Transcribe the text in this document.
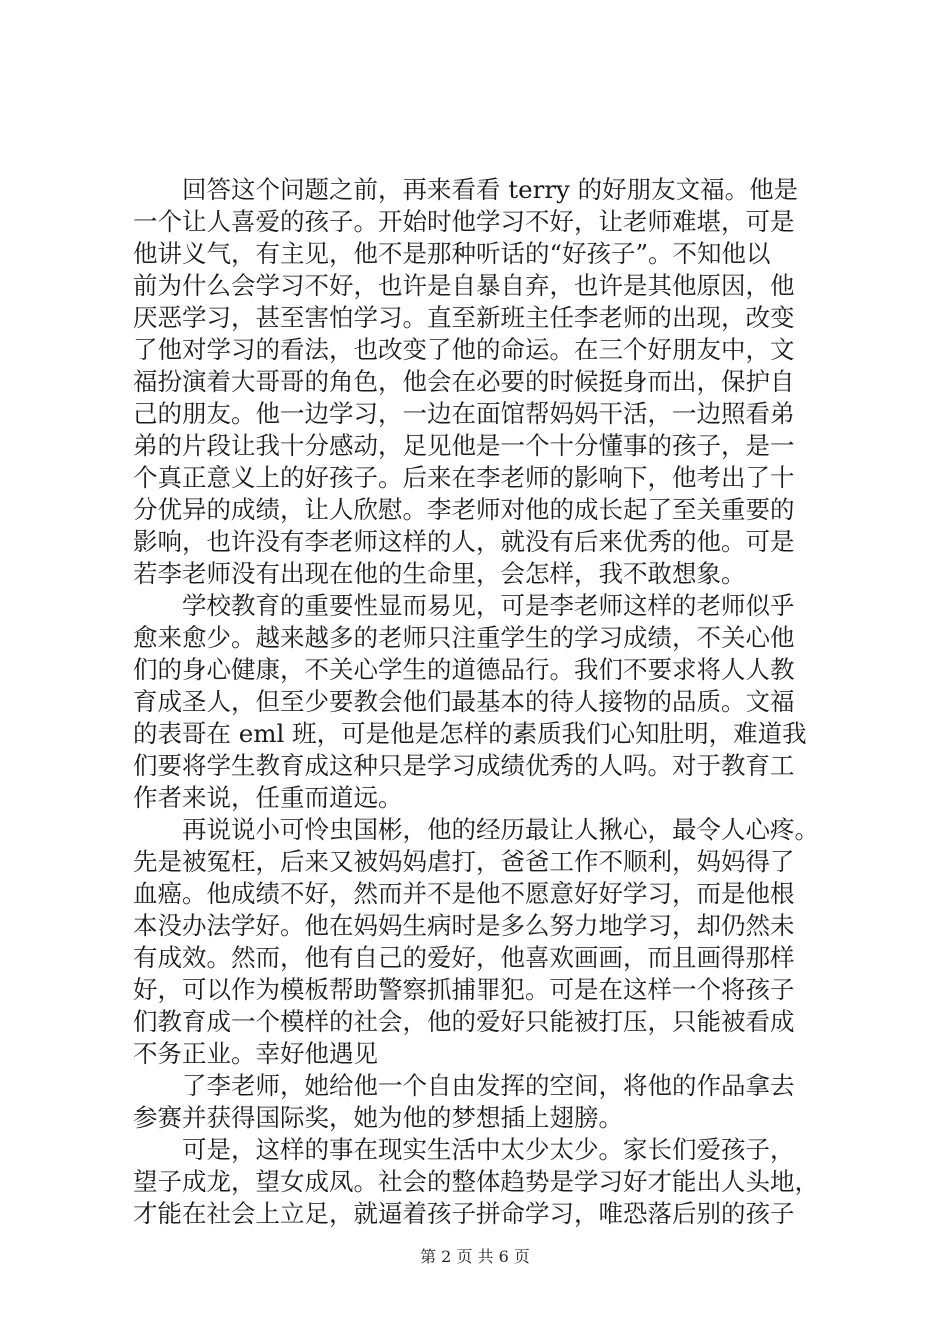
回答这个问题之前，再来看看 terry 的好朋友文福。他是
一个让人喜爱的孩子。开始时他学习不好，让老师难堪，可是
他讲义气，有主见，他不是那种听话的“好孩子”。不知他以
前为什么会学习不好，也许是自暴自弃，也许是其他原因，他
厌恶学习，甚至害怕学习。直至新班主任李老师的出现，改变
了他对学习的看法，也改变了他的命运。在三个好朋友中，文
福扮演着大哥哥的角色，他会在必要的时候挺身而出，保护自
己的朋友。他一边学习，一边在面馆帮妈妈干活，一边照看弟
弟的片段让我十分感动，足见他是一个十分懂事的孩子，是一
个真正意义上的好孩子。后来在李老师的影响下，他考出了十
分优异的成绩，让人欣慰。李老师对他的成长起了至关重要的
影响，也许没有李老师这样的人，就没有后来优秀的他。可是
若李老师没有出现在他的生命里，会怎样，我不敢想象。
学校教育的重要性显而易见，可是李老师这样的老师似乎
愈来愈少。越来越多的老师只注重学生的学习成绩，不关心他
们的身心健康，不关心学生的道德品行。我们不要求将人人教
育成圣人，但至少要教会他们最基本的待人接物的品质。文福
的表哥在 eml 班，可是他是怎样的素质我们心知肚明，难道我
们要将学生教育成这种只是学习成绩优秀的人吗。对于教育工
作者来说，任重而道远。
再说说小可怜虫国彬，他的经历最让人揪心，最令人心疼。
先是被冤枉，后来又被妈妈虐打，爸爸工作不顺利，妈妈得了
血癌。他成绩不好，然而并不是他不愿意好好学习，而是他根
本没办法学好。他在妈妈生病时是多么努力地学习，却仍然未
有成效。然而，他有自己的爱好，他喜欢画画，而且画得那样
好，可以作为模板帮助警察抓捕罪犯。可是在这样一个将孩子
们教育成一个模样的社会，他的爱好只能被打压，只能被看成
不务正业。幸好他遇见
了李老师，她给他一个自由发挥的空间，将他的作品拿去
参赛并获得国际奖，她为他的梦想插上翅膀。
可是，这样的事在现实生活中太少太少。家长们爱孩子，
望子成龙，望女成凤。社会的整体趋势是学习好才能出人头地，
才能在社会上立足，就逼着孩子拼命学习，唯恐落后别的孩子
第 2 页 共 6 页
